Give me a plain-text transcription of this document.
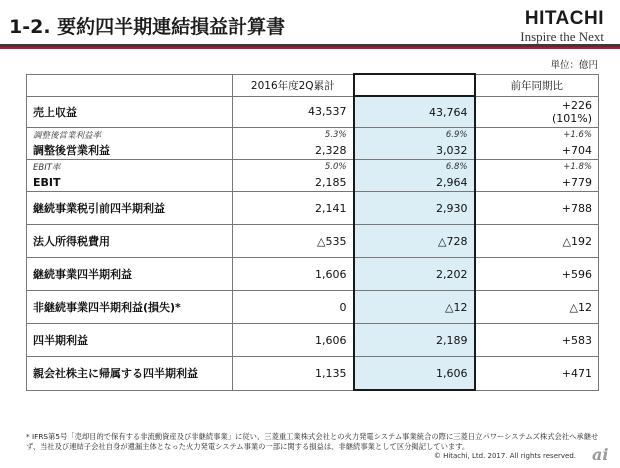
1-2. 要約四半期連結損益計算書	HITACHI
Inspire the Next
単位：億円
	2016年度2Q累計	2017年度2Q累計	前年同期比
売上収益	43,537	43,764	+226
(101%)

調整後営業利益率	5.3%	6.9%	+1.6%
調整後営業利益	2,328	3,032	+704
EBIT率	5.0%	6.8%	+1.8%
EBIT	2,185	2,964	+779
継続事業税引前四半期利益	2,141	2,930	+788
法人所得税費用	△535	△728	△192
継続事業四半期利益	1,606	2,202	+596
非継続事業四半期利益(損失)*	0	△12	△12
四半期利益	1,606	2,189	+583
親会社株主に帰属する四半期利益	1,135	1,606	+471
* IFRS第5号「売却目的で保有する非流動資産及び非継続事業」に従い、三菱重工業株式会社との火力発電システム事業統合の際に三菱日立パワーシステムズ株式会社へ承継せず、当社及び連結子会社自身が遺漏主体となった火力発電システム事業の一部に関する損益は、非継続事業として区分掲記しています。
© Hitachi, Ltd. 2017. All rights reserved. ai
